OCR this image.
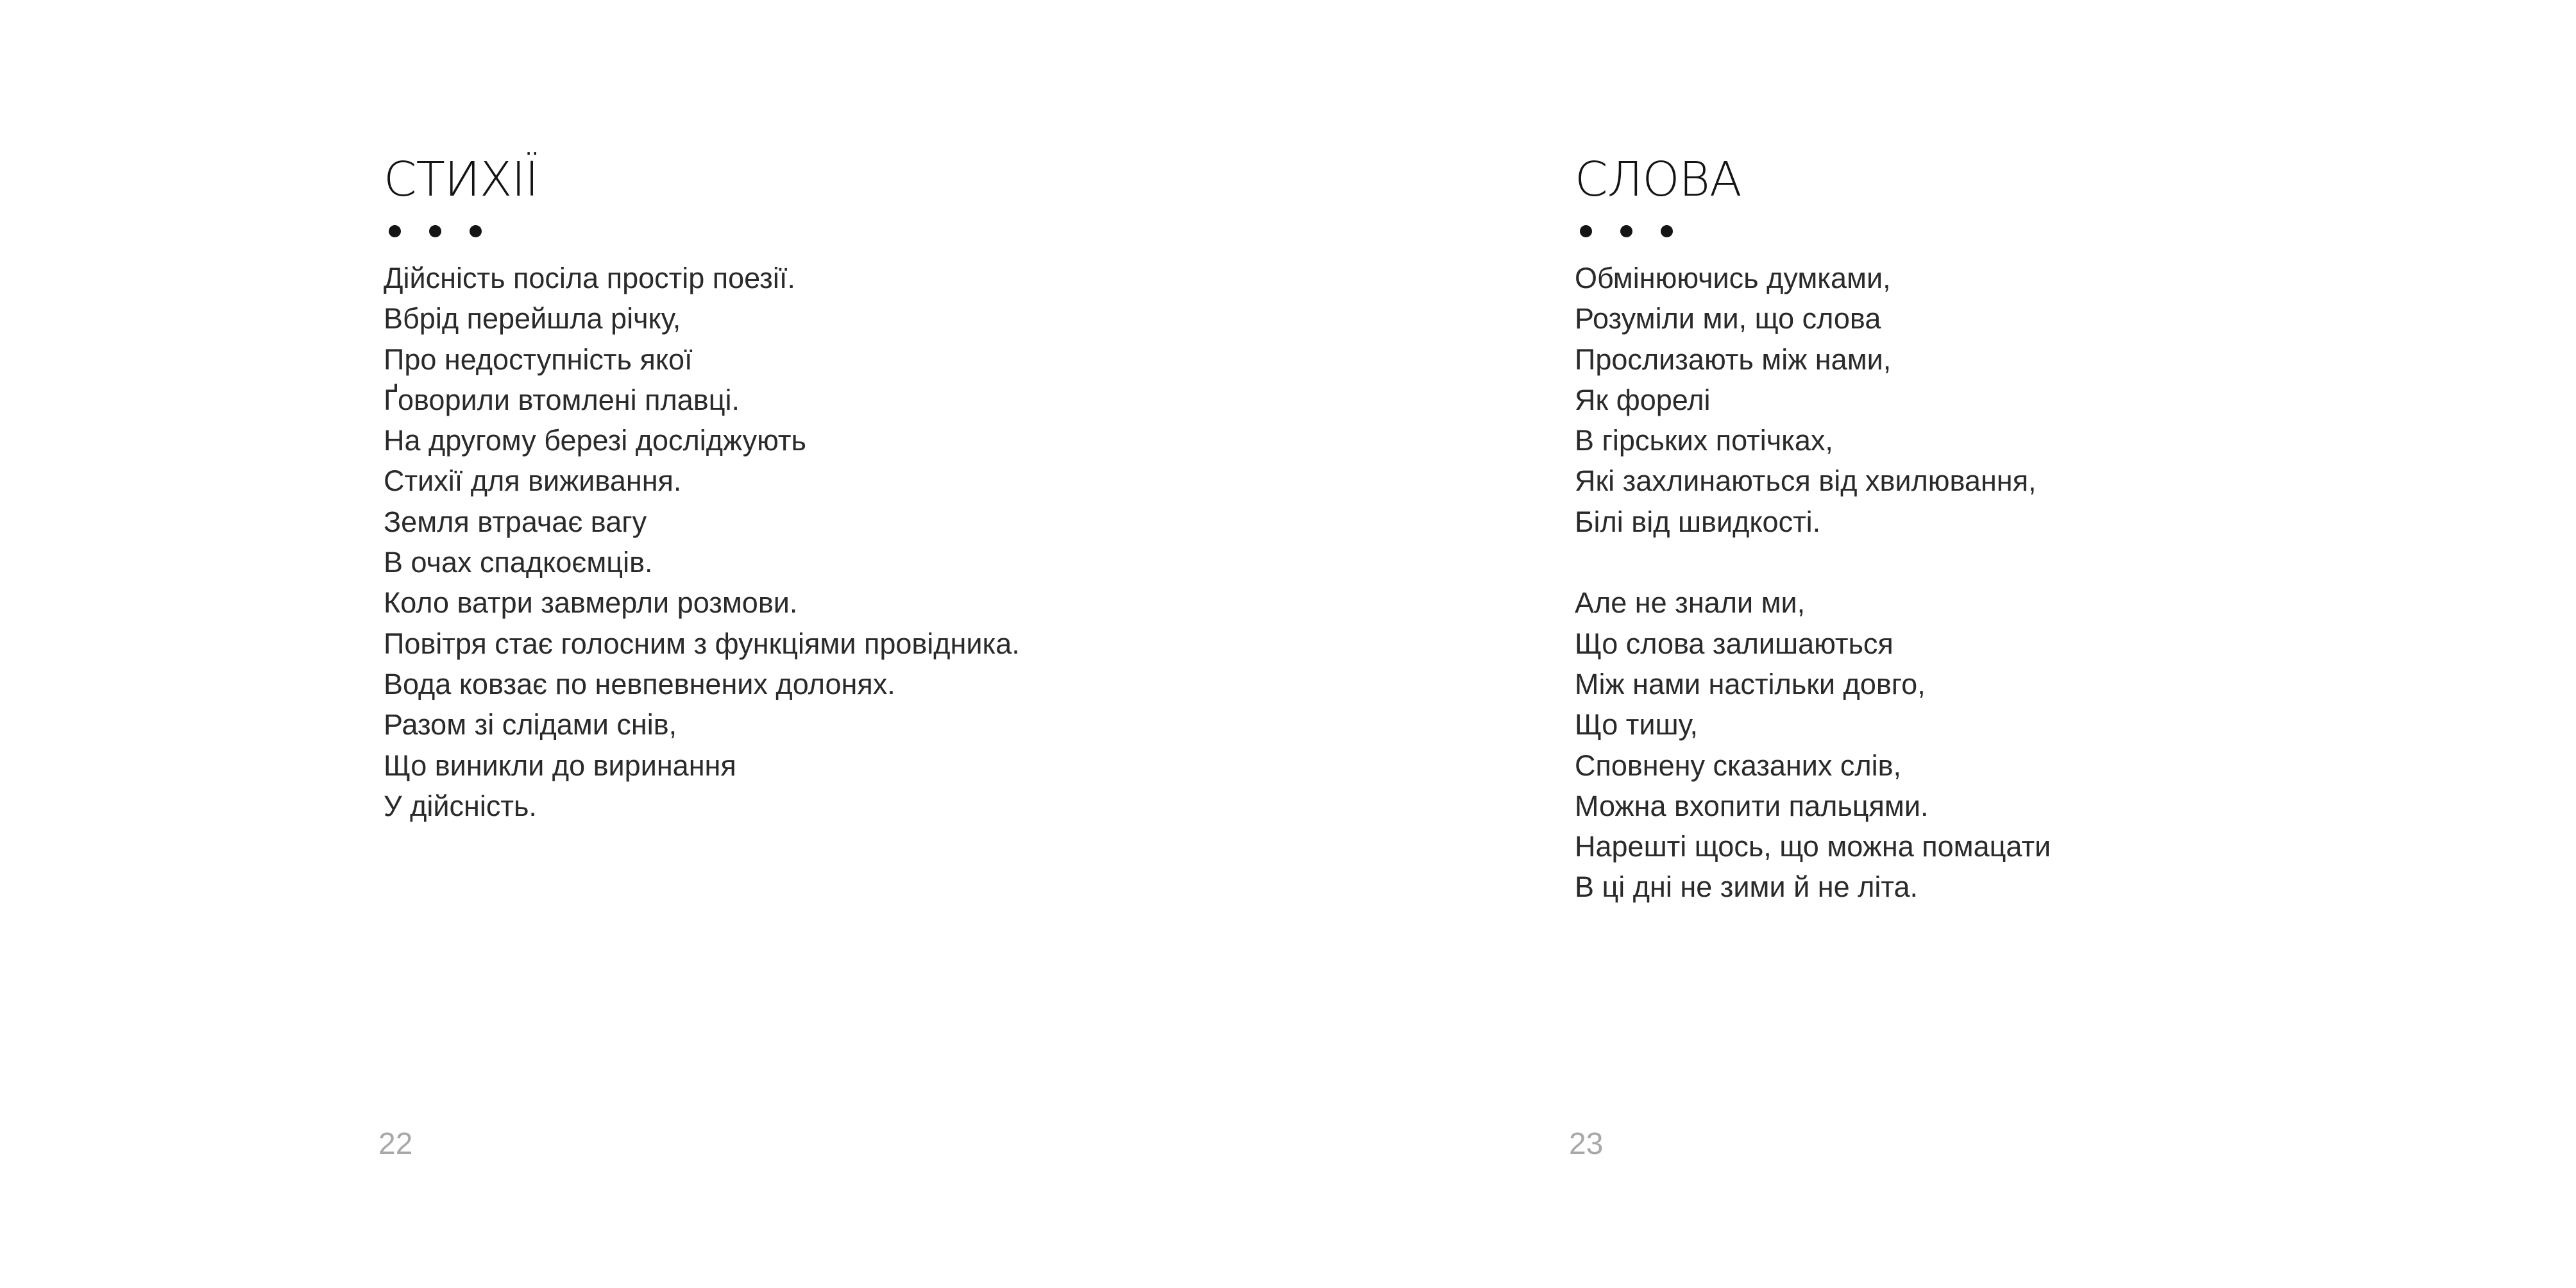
СТИХІЇ
Дійсність посіла простір поезії.
Вбрід перейшла річку,
Про недоступність якої
Ґоворили втомлені плавці.
На другому березі досліджують
Стихії для виживання.
Земля втрачає вагу
В очах спадкоємців.
Коло ватри завмерли розмови.
Повітря стає голосним з функціями провідника.
Вода ковзає по невпевнених долонях.
Разом зі слідами снів,
Що виникли до виринання
У дійсність.
22
СЛОВА
Обмінюючись думками,
Розуміли ми, що слова
Прослизають між нами,
Як форелі
В гірських потічках,
Які захлинаються від хвилювання,
Білі від швидкості.
Але не знали ми,
Що слова залишаються
Між нами настільки довго,
Що тишу,
Сповнену сказаних слів,
Можна вхопити пальцями.
Нарешті щось, що можна помацати
В ці дні не зими й не літа.
23
